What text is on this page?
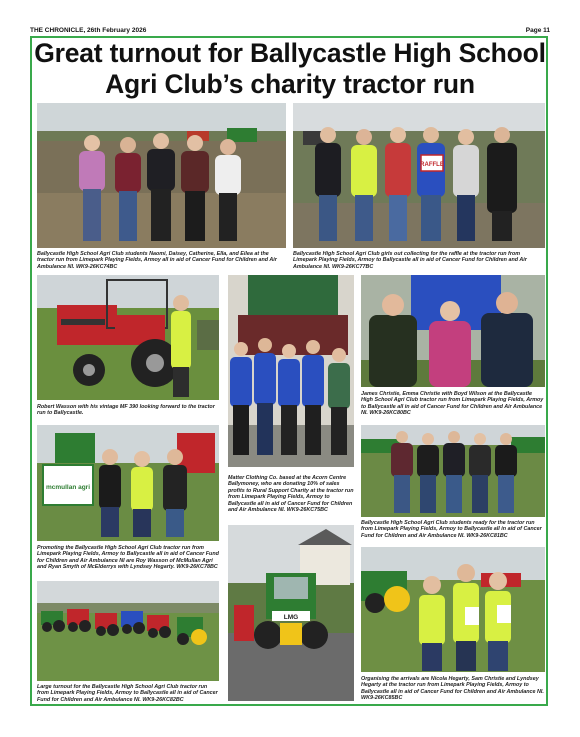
THE CHRONICLE, 26th February 2026	Page 11
Great turnout for Ballycastle High School Agri Club’s charity tractor run
RAFFLE
Ballycastle High School Agri Club students Naomi, Daisey, Catherine, Ella, and Eilea at the tractor run from Limepark Playing Fields, Armoy all in aid of Cancer Fund for Children and Air Ambulance NI. WK9-26KC74BC
Ballycastle High School Agri Club girls out collecting for the raffle at the tractor run from Limepark Playing Fields, Armoy to Ballycastle all in aid of Cancer Fund for Children and Air Ambulance NI. WK9-26KC77BC
Robert Wasson with his vintage MF 390 looking forward to the tractor run to Ballycastle.
James Christie, Emma Christie with Boyd Wilson at the Ballycastle High School Agri Club tractor run from Limepark Playing Fields, Armoy to Ballycastle all in aid of Cancer Fund for Children and Air Ambulance NI. WK9-26KC80BC
mcmullan agri
Matter Clothing Co. based at the Acorn Centre Ballymoney, who are donating 10% of sales profits to Rural Support Charity at the tractor run from Limepark Playing Fields, Armoy to Ballycastle all in aid of Cancer Fund for Children and Air Ambulance NI. WK9-26KC75BC
Promoting the Ballycastle High School Agri Club tractor run from Limepark Playing Fields, Armoy to Ballycastle all in aid of Cancer Fund for Children and Air Ambulance NI are Roy Wasson of McMullan Agri and Ryan Smyth of McElderrys with Lyndsey Hegarty. WK9-26KC78BC
Ballycastle High School Agri Club students ready for the tractor run from Limepark Playing Fields, Armoy to Ballycastle all in aid of Cancer Fund for Children and Air Ambulance NI. WK9-26KC81BC
LMG
Large turnout for the Ballycastle High School Agri Club tractor run from Limepark Playing Fields, Armoy to Ballycastle all in aid of Cancer Fund for Children and Air Ambulance NI. WK9-26KC82BC
Organising the arrivals are Nicola Hegarty, Sam Christie and Lyndsey Hegarty at the tractor run from Limepark Playing Fields, Armoy to Ballycastle all in aid of Cancer Fund for Children and Air Ambulance NI. WK9-26KC85BC
